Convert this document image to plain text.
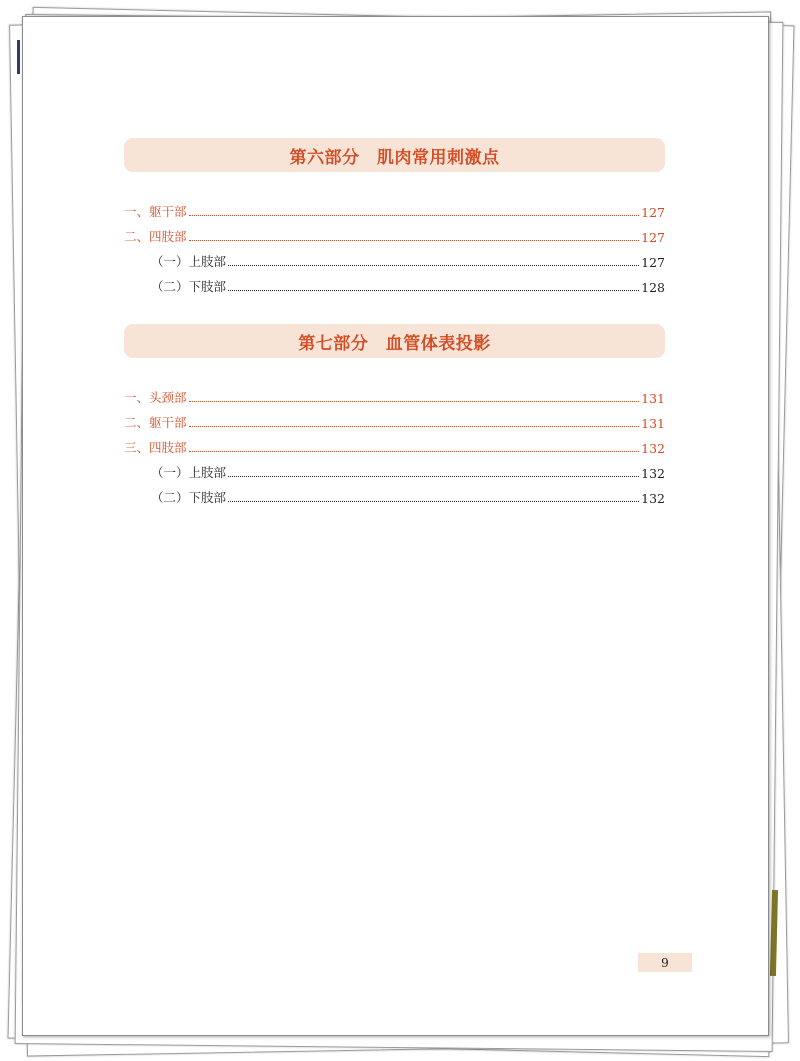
第六部分　肌肉常用刺激点
一、躯干部	127
二、四肢部	127
（一）上肢部	127
（二）下肢部	128
第七部分　血管体表投影
一、头颈部	131
二、躯干部	131
三、四肢部	132
（一）上肢部	132
（二）下肢部	132
9
